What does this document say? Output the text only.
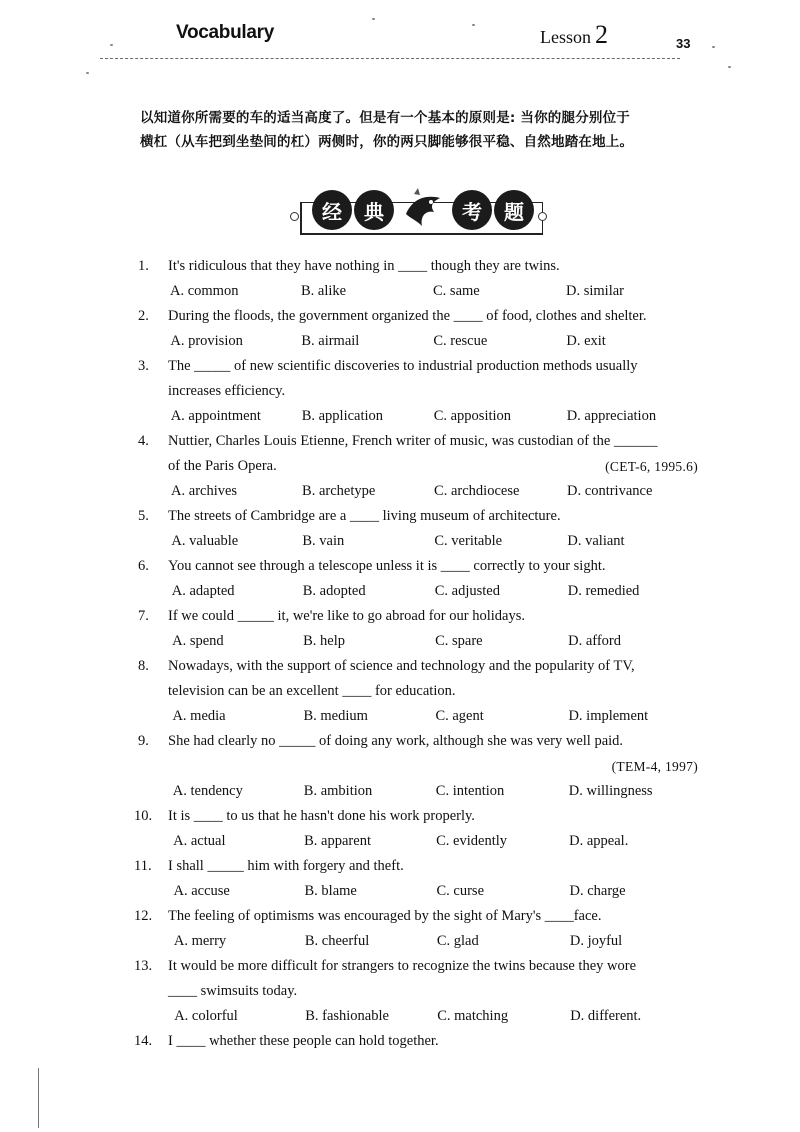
Vocabulary	Lesson 2	33
以知道你所需要的车的适当高度了。但是有一个基本的原则是: 当你的腿分别位于
横杠（从车把到坐垫间的杠）两侧时，你的两只脚能够很平稳、自然地踏在地上。
经	典	考	题
1. It's ridiculous that they have nothing in ____ though they are twins.
A. common	B. alike	C. same	D. similar
2. During the floods, the government organized the ____ of food, clothes and shelter.
A. provision	B. airmail	C. rescue	D. exit
3. The _____ of new scientific discoveries to industrial production methods usually
increases efficiency.
A. appointment	B. application	C. apposition	D. appreciation
4. Nuttier, Charles Louis Etienne, French writer of music, was custodian of the ______
of the Paris Opera.	(CET-6, 1995.6)
A. archives	B. archetype	C. archdiocese	D. contrivance
5. The streets of Cambridge are a ____ living museum of architecture.
A. valuable	B. vain	C. veritable	D. valiant
6. You cannot see through a telescope unless it is ____ correctly to your sight.
A. adapted	B. adopted	C. adjusted	D. remedied
7. If we could _____ it, we're like to go abroad for our holidays.
A. spend	B. help	C. spare	D. afford
8. Nowadays, with the support of science and technology and the popularity of TV,
television can be an excellent ____ for education.
A. media	B. medium	C. agent	D. implement
9. She had clearly no _____ of doing any work, although she was very well paid.
(TEM-4, 1997)
A. tendency	B. ambition	C. intention	D. willingness
10. It is ____ to us that he hasn't done his work properly.
A. actual	B. apparent	C. evidently	D. appeal.
11. I shall _____ him with forgery and theft.
A. accuse	B. blame	C. curse	D. charge
12. The feeling of optimisms was encouraged by the sight of Mary's ____face.
A. merry	B. cheerful	C. glad	D. joyful
13. It would be more difficult for strangers to recognize the twins because they wore
____ swimsuits today.
A. colorful	B. fashionable	C. matching	D. different.
14. I ____ whether these people can hold together.
